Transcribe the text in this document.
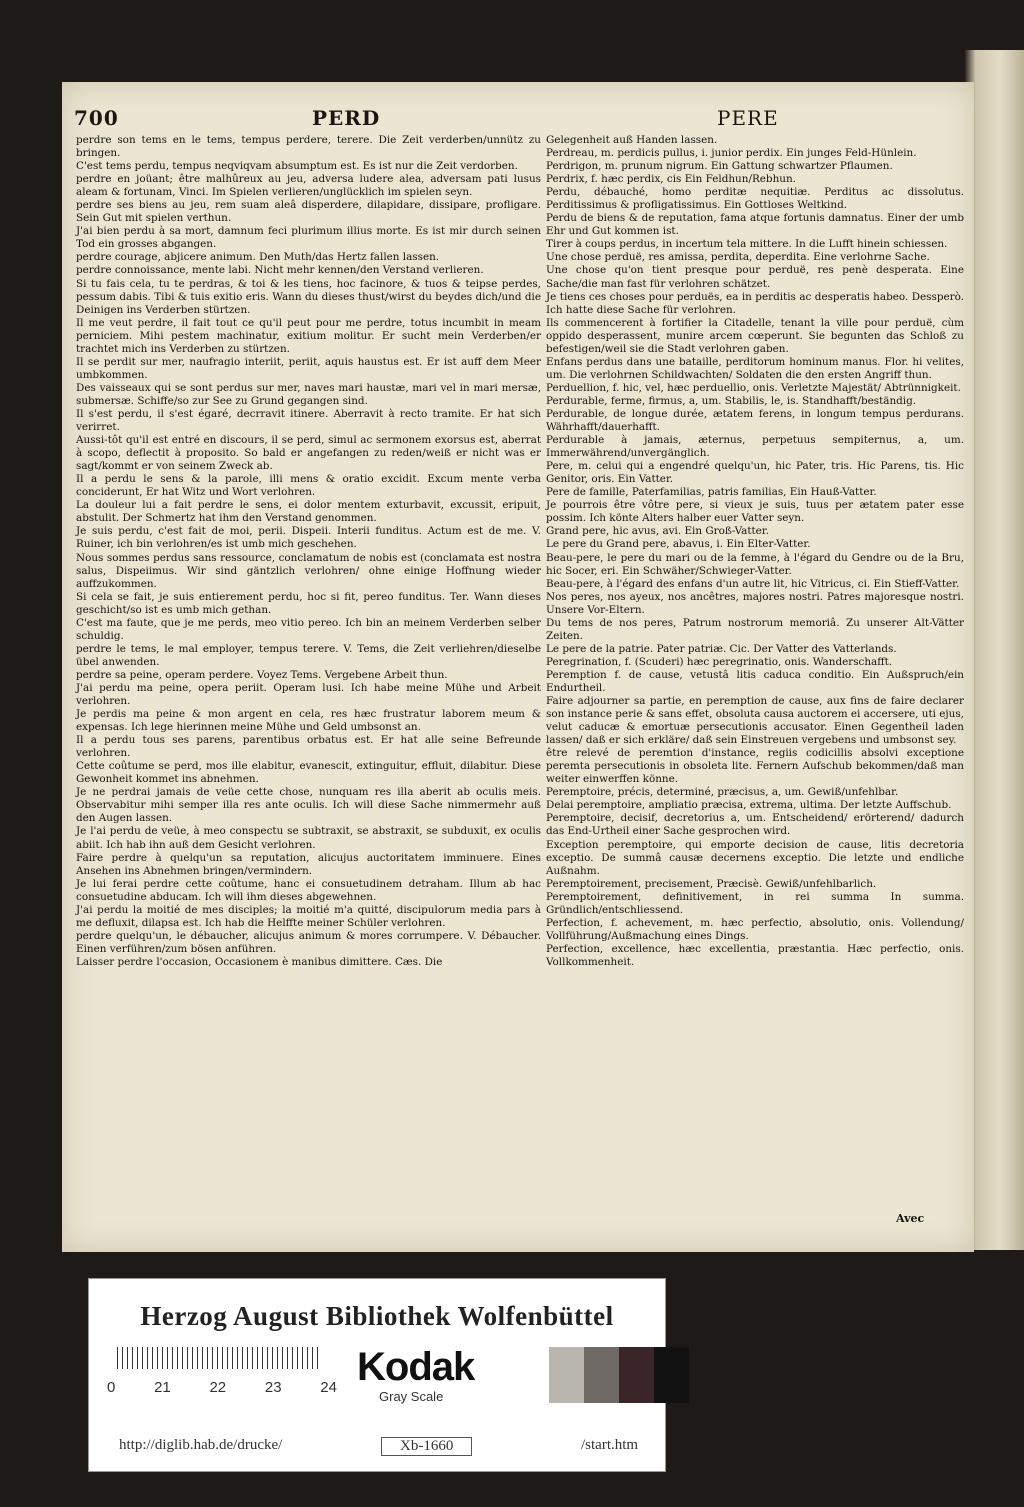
700	PERD	PERE

perdre son tems en le tems, tempus perdere, terere. Die Zeit verderben/unnütz zu bringen.

C'est tems perdu, tempus neqviqvam absumptum est. Es ist nur die Zeit verdorben.

perdre en joüant; être malhûreux au jeu, adversa ludere alea, adversam pati lusus aleam & fortunam, Vinci. Im Spielen verlieren/unglücklich im spielen seyn.

perdre ses biens au jeu, rem suam aleâ disperdere, dilapidare, dissipare, profligare. Sein Gut mit spielen verthun.

J'ai bien perdu à sa mort, damnum feci plurimum illius morte. Es ist mir durch seinen Tod ein grosses abgangen.

perdre courage, abjicere animum. Den Muth/das Hertz fallen lassen.

perdre connoissance, mente labi. Nicht mehr kennen/den Verstand verlieren.

Si tu fais cela, tu te perdras, & toi & les tiens, hoc facinore, & tuos & teipse perdes, pessum dabis. Tibi & tuis exitio eris. Wann du dieses thust/wirst du beydes dich/und die Deinigen ins Verderben stürtzen.

Il me veut perdre, il fait tout ce qu'il peut pour me perdre, totus incumbit in meam perniciem. Mihi pestem machinatur, exitium molitur. Er sucht mein Verderben/er trachtet mich ins Verderben zu stürtzen.

Il se perdit sur mer, naufragio interiit, periit, aquis haustus est. Er ist auff dem Meer umbkommen.

Des vaisseaux qui se sont perdus sur mer, naves mari haustæ, mari vel in mari mersæ, submersæ. Schiffe/so zur See zu Grund gegangen sind.

Il s'est perdu, il s'est égaré, decrravit itinere. Aberravit à recto tramite. Er hat sich verirret.

Aussi-tôt qu'il est entré en discours, il se perd, simul ac sermonem exorsus est, aberrat à scopo, deflectit à proposito. So bald er angefangen zu reden/weiß er nicht was er sagt/kommt er von seinem Zweck ab.

Il a perdu le sens & la parole, illi mens & oratio excidit. Excum mente verba conciderunt, Er hat Witz und Wort verlohren.

La douleur lui a fait perdre le sens, ei dolor mentem exturbavit, excussit, eripuit, abstulit. Der Schmertz hat ihm den Verstand genommen.

Je suis perdu, c'est fait de moi, perii. Dispeii. Interii funditus. Actum est de me. V. Ruiner, ich bin verlohren/es ist umb mich geschehen.

Nous sommes perdus sans ressource, conclamatum de nobis est (conclamata est nostra salus, Dispeiimus. Wir sind gäntzlich verlohren/ ohne einige Hoffnung wieder auffzukommen.

Si cela se fait, je suis entierement perdu, hoc si fit, pereo funditus. Ter. Wann dieses geschicht/so ist es umb mich gethan.

C'est ma faute, que je me perds, meo vitio pereo. Ich bin an meinem Verderben selber schuldig.

perdre le tems, le mal employer, tempus terere. V. Tems, die Zeit verliehren/dieselbe übel anwenden.

perdre sa peine, operam perdere. Voyez Tems. Vergebene Arbeit thun.

J'ai perdu ma peine, opera periit. Operam lusi. Ich habe meine Mühe und Arbeit verlohren.

Je perdis ma peine & mon argent en cela, res hæc frustratur laborem meum & expensas. Ich lege hierinnen meine Mühe und Geld umbsonst an.

Il a perdu tous ses parens, parentibus orbatus est. Er hat alle seine Befreunde verlohren.

Cette coûtume se perd, mos ille elabitur, evanescit, extinguitur, effluit, dilabitur. Diese Gewonheit kommet ins abnehmen.

Je ne perdrai jamais de veüe cette chose, nunquam res illa aberit ab oculis meis. Observabitur mihi semper illa res ante oculis. Ich will diese Sache nimmermehr auß den Augen lassen.

Je l'ai perdu de veüe, à meo conspectu se subtraxit, se abstraxit, se subduxit, ex oculis abiit. Ich hab ihn auß dem Gesicht verlohren.

Faire perdre à quelqu'un sa reputation, alicujus auctoritatem imminuere. Eines Ansehen ins Abnehmen bringen/vermindern.

Je lui ferai perdre cette coûtume, hanc ei consuetudinem detraham. Illum ab hac consuetudine abducam. Ich will ihm dieses abgewehnen.

J'ai perdu la moitié de mes disciples; la moitié m'a quitté, discipulorum media pars à me defluxit, dilapsa est. Ich hab die Helffte meiner Schüler verlohren.

perdre quelqu'un, le débaucher, alicujus animum & mores corrumpere. V. Débaucher. Einen verführen/zum bösen anführen.

Laisser perdre l'occasion, Occasionem è manibus dimittere. Cæs. Die

Gelegenheit auß Handen lassen.

Perdreau, m. perdicis pullus, i. junior perdix. Ein junges Feld-Hünlein.

Perdrigon, m. prunum nigrum. Ein Gattung schwartzer Pflaumen.

Perdrix, f. hæc perdix, cis Ein Feldhun/Rebhun.

Perdu, débauché, homo perditæ nequitiæ. Perditus ac dissolutus. Perditissimus & profligatissimus. Ein Gottloses Weltkind.

Perdu de biens & de reputation, fama atque fortunis damnatus. Einer der umb Ehr und Gut kommen ist.

Tirer à coups perdus, in incertum tela mittere. In die Lufft hinein schiessen.

Une chose perduë, res amissa, perdita, deperdita. Eine verlohrne Sache.

Une chose qu'on tient presque pour perduë, res penè desperata. Eine Sache/die man fast für verlohren schätzet.

Je tiens ces choses pour perduës, ea in perditis ac desperatis habeo. Dessperò. Ich hatte diese Sache für verlohren.

Ils commencerent à fortifier la Citadelle, tenant la ville pour perduë, cùm oppido desperassent, munire arcem cœperunt. Sie begunten das Schloß zu befestigen/weil sie die Stadt verlohren gaben.

Enfans perdus dans une bataille, perditorum hominum manus. Flor. hi velites, um. Die verlohrnen Schildwachten/ Soldaten die den ersten Angriff thun.

Perduellion, f. hic, vel, hæc perduellio, onis. Verletzte Majestät/ Abtrünnigkeit.

Perdurable, ferme, firmus, a, um. Stabilis, le, is. Standhafft/beständig.

Perdurable, de longue durée, ætatem ferens, in longum tempus perdurans. Währhafft/dauerhafft.

Perdurable à jamais, æternus, perpetuus sempiternus, a, um. Immerwährend/unvergänglich.

Pere, m. celui qui a engendré quelqu'un, hic Pater, tris. Hic Parens, tis. Hic Genitor, oris. Ein Vatter.

Pere de famille, Paterfamilias, patris familias, Ein Hauß-Vatter.

Je pourrois être vôtre pere, si vieux je suis, tuus per ætatem pater esse possim. Ich könte Alters halber euer Vatter seyn.

Grand pere, hic avus, avi. Ein Groß-Vatter.

Le pere du Grand pere, abavus, i. Ein Elter-Vatter.

Beau-pere, le pere du mari ou de la femme, à l'égard du Gendre ou de la Bru, hic Socer, eri. Ein Schwäher/Schwieger-Vatter.

Beau-pere, à l'égard des enfans d'un autre lit, hic Vitricus, ci. Ein Stieff-Vatter.

Nos peres, nos ayeux, nos ancêtres, majores nostri. Patres majoresque nostri. Unsere Vor-Eltern.

Du tems de nos peres, Patrum nostrorum memoriâ. Zu unserer Alt-Vätter Zeiten.

Le pere de la patrie. Pater patriæ. Cic. Der Vatter des Vatterlands.

Peregrination, f. (Scuderi) hæc peregrinatio, onis. Wanderschafft.

Peremption f. de cause, vetustâ litis caduca conditio. Ein Außspruch/ein Endurtheil.

Faire adjourner sa partie, en peremption de cause, aux fins de faire declarer son instance perie & sans effet, obsoluta causa auctorem ei accersere, uti ejus, velut caducæ & emortuæ persecutionis accusator. Einen Gegentheil laden lassen/ daß er sich erkläre/ daß sein Einstreuen vergebens und umbsonst sey.

être relevé de peremtion d'instance, regiis codicillis absolvi exceptione peremta persecutionis in obsoleta lite. Fernern Aufschub bekommen/daß man weiter einwerffen könne.

Peremptoire, précis, determiné, præcisus, a, um. Gewiß/unfehlbar.

Delai peremptoire, ampliatio præcisa, extrema, ultima. Der letzte Auffschub.

Peremptoire, decisif, decretorius a, um. Entscheidend/ erörterend/ dadurch das End-Urtheil einer Sache gesprochen wird.

Exception peremptoire, qui emporte decision de cause, litis decretoria exceptio. De summâ causæ decernens exceptio. Die letzte und endliche Außnahm.

Peremptoirement, precisement, Præcisè. Gewiß/unfehlbarlich.

Peremptoirement, definitivement, in rei summa In summa. Gründlich/entschliessend.

Perfection, f. achevement, m. hæc perfectio, absolutio, onis. Vollendung/ Vollführung/Außmachung eines Dings.

Perfection, excellence, hæc excellentia, præstantia. Hæc perfectio, onis. Vollkommenheit.

Avec
Herzog August Bibliothek Wolfenbüttel
0	21	22	23	24 Kodak
Gray Scale
http://diglib.hab.de/drucke/	Xb-1660	/start.htm
